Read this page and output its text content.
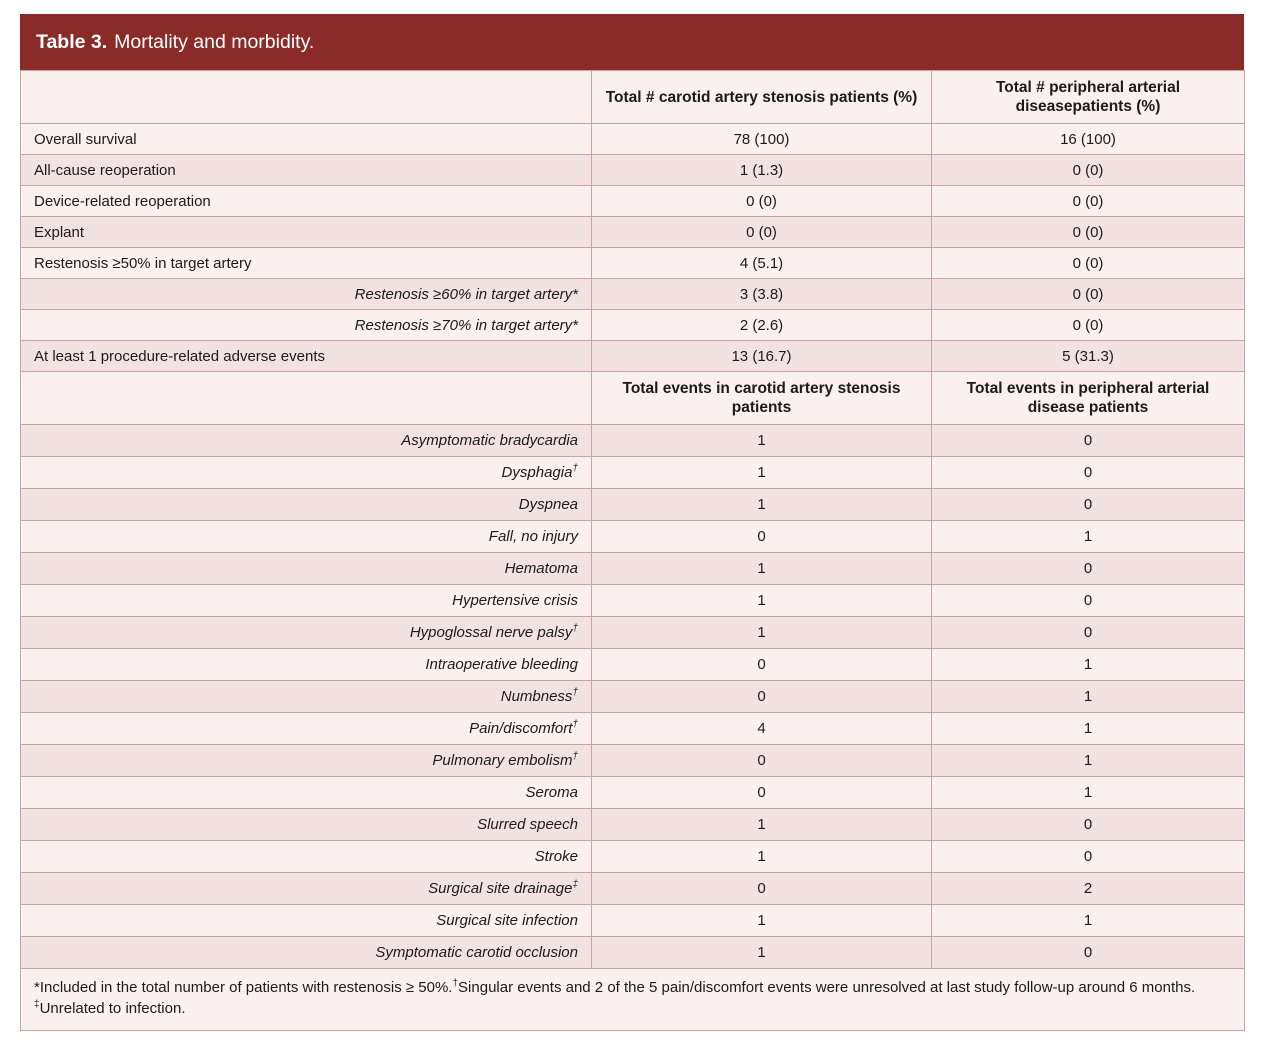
Table 3. Mortality and morbidity.
	Total # carotid artery stenosis patients (%)	Total # peripheral arterial diseasepatients (%)
Overall survival	78 (100)	16 (100)
All-cause reoperation	1 (1.3)	0 (0)
Device-related reoperation	0 (0)	0 (0)
Explant	0 (0)	0 (0)
Restenosis ≥50% in target artery	4 (5.1)	0 (0)
Restenosis ≥60% in target artery*	3 (3.8)	0 (0)
Restenosis ≥70% in target artery*	2 (2.6)	0 (0)
At least 1 procedure-related adverse events	13 (16.7)	5 (31.3)
	Total events in carotid artery stenosis patients	Total events in peripheral arterial disease patients
Asymptomatic bradycardia	1	0
Dysphagia†	1	0
Dyspnea	1	0
Fall, no injury	0	1
Hematoma	1	0
Hypertensive crisis	1	0
Hypoglossal nerve palsy†	1	0
Intraoperative bleeding	0	1
Numbness†	0	1
Pain/discomfort†	4	1
Pulmonary embolism†	0	1
Seroma	0	1
Slurred speech	1	0
Stroke	1	0
Surgical site drainage‡	0	2
Surgical site infection	1	1
Symptomatic carotid occlusion	1	0
*Included in the total number of patients with restenosis ≥ 50%.†Singular events and 2 of the 5 pain/discomfort events were unresolved at last study follow-up around 6 months. ‡Unrelated to infection.		
